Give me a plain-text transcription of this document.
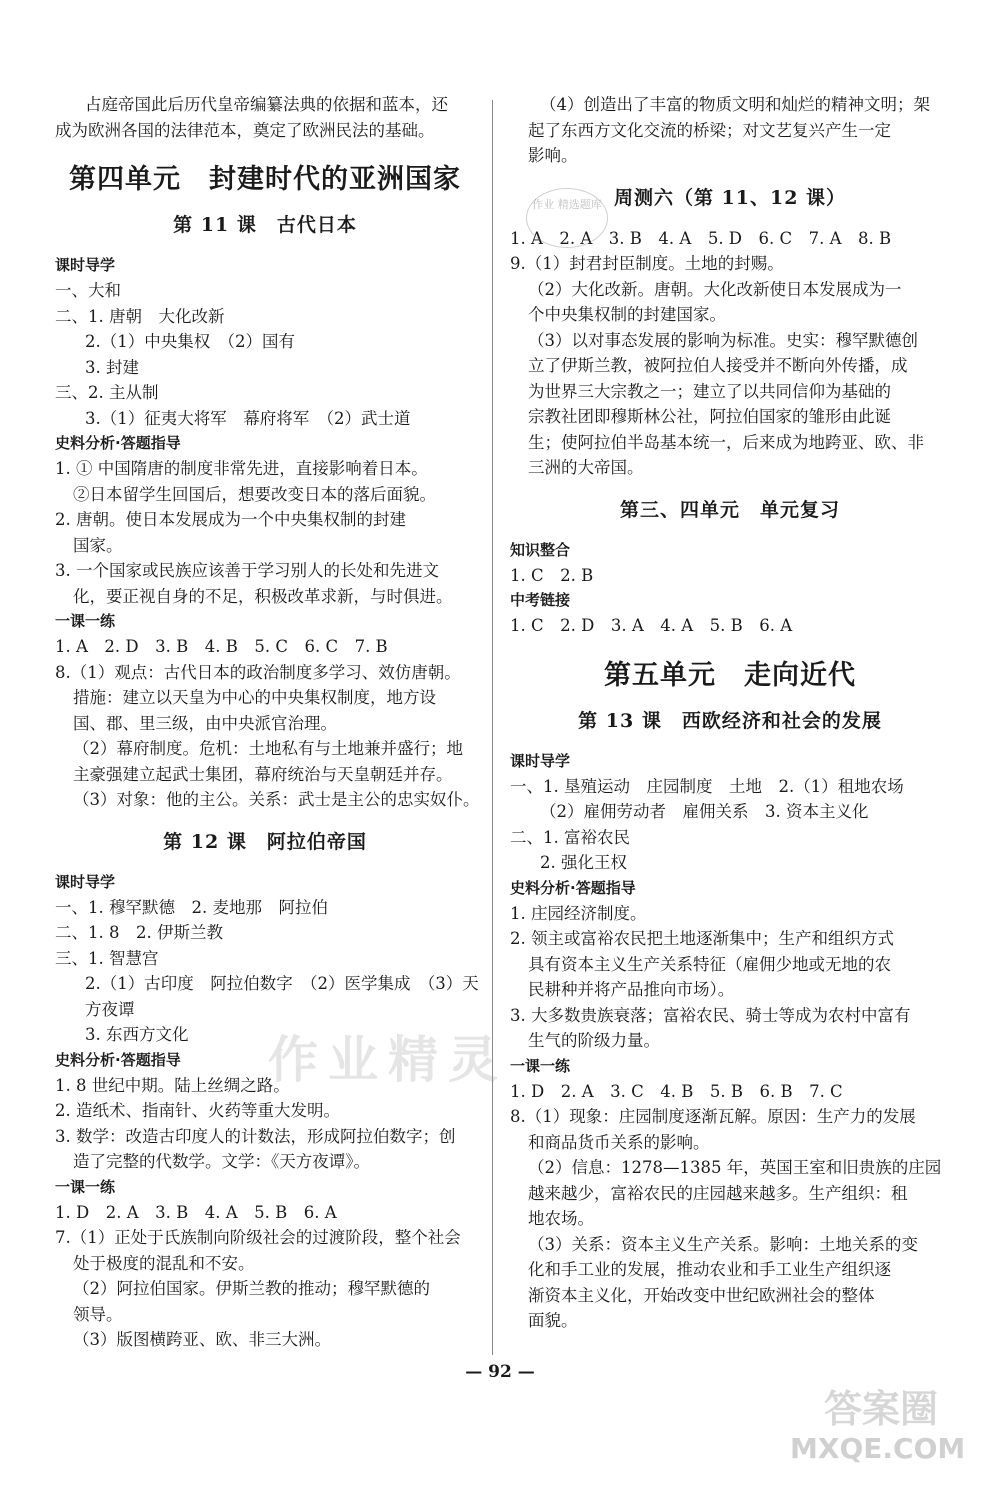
占庭帝国此后历代皇帝编纂法典的依据和蓝本，还
成为欧洲各国的法律范本，奠定了欧洲民法的基础。
第四单元　封建时代的亚洲国家
第 11 课　古代日本
课时导学
一、大和
二、1. 唐朝　大化改新
2.（1）中央集权　（2）国有
3. 封建
三、2. 主从制
3.（1）征夷大将军　幕府将军　（2）武士道
史料分析·答题指导
1. ① 中国隋唐的制度非常先进，直接影响着日本。
②日本留学生回国后，想要改变日本的落后面貌。
2. 唐朝。使日本发展成为一个中央集权制的封建
国家。
3. 一个国家或民族应该善于学习别人的长处和先进文
化，要正视自身的不足，积极改革求新，与时俱进。
一课一练
1. A　2. D　3. B　4. B　5. C　6. C　7. B
8.（1）观点：古代日本的政治制度多学习、效仿唐朝。
措施：建立以天皇为中心的中央集权制度，地方设
国、郡、里三级，由中央派官治理。
（2）幕府制度。危机：土地私有与土地兼并盛行；地
主豪强建立起武士集团，幕府统治与天皇朝廷并存。
（3）对象：他的主公。关系：武士是主公的忠实奴仆。
第 12 课　阿拉伯帝国
课时导学
一、1. 穆罕默德　2. 麦地那　阿拉伯
二、1. 8　2. 伊斯兰教
三、1. 智慧宫
2.（1）古印度　阿拉伯数字　（2）医学集成　（3）天
方夜谭
3. 东西方文化
史料分析·答题指导
1. 8 世纪中期。陆上丝绸之路。
2. 造纸术、指南针、火药等重大发明。
3. 数学：改造古印度人的计数法，形成阿拉伯数字；创
造了完整的代数学。文学：《天方夜谭》。
一课一练
1. D　2. A　3. B　4. A　5. B　6. A
7.（1）正处于氏族制向阶级社会的过渡阶段，整个社会
处于极度的混乱和不安。
（2）阿拉伯国家。伊斯兰教的推动；穆罕默德的
领导。
（3）版图横跨亚、欧、非三大洲。
（4）创造出了丰富的物质文明和灿烂的精神文明；架
起了东西方文化交流的桥梁；对文艺复兴产生一定
影响。
周测六（第 11、12 课）
1. A　2. A　3. B　4. A　5. D　6. C　7. A　8. B
9.（1）封君封臣制度。土地的封赐。
（2）大化改新。唐朝。大化改新使日本发展成为一
个中央集权制的封建国家。
（3）以对事态发展的影响为标准。史实：穆罕默德创
立了伊斯兰教，被阿拉伯人接受并不断向外传播，成
为世界三大宗教之一；建立了以共同信仰为基础的
宗教社团即穆斯林公社，阿拉伯国家的雏形由此诞
生；使阿拉伯半岛基本统一，后来成为地跨亚、欧、非
三洲的大帝国。
第三、四单元　单元复习
知识整合
1. C　2. B
中考链接
1. C　2. D　3. A　4. A　5. B　6. A
第五单元　走向近代
第 13 课　西欧经济和社会的发展
课时导学
一、1. 垦殖运动　庄园制度　土地　2.（1）租地农场
（2）雇佣劳动者　雇佣关系　3. 资本主义化
二、1. 富裕农民
2. 强化王权
史料分析·答题指导
1. 庄园经济制度。
2. 领主或富裕农民把土地逐渐集中；生产和组织方式
具有资本主义生产关系特征（雇佣少地或无地的农
民耕种并将产品推向市场）。
3. 大多数贵族衰落；富裕农民、骑士等成为农村中富有
生气的阶级力量。
一课一练
1. D　2. A　3. C　4. B　5. B　6. B　7. C
8.（1）现象：庄园制度逐渐瓦解。原因：生产力的发展
和商品货币关系的影响。
（2）信息：1278—1385 年，英国王室和旧贵族的庄园
越来越少，富裕农民的庄园越来越多。生产组织：租
地农场。
（3）关系：资本主义生产关系。影响：土地关系的变
化和手工业的发展，推动农业和手工业生产组织逐
渐资本主义化，开始改变中世纪欧洲社会的整体
面貌。
作业 精选题库
作业精灵
答案圈
MXQE.COM
— 92 —
